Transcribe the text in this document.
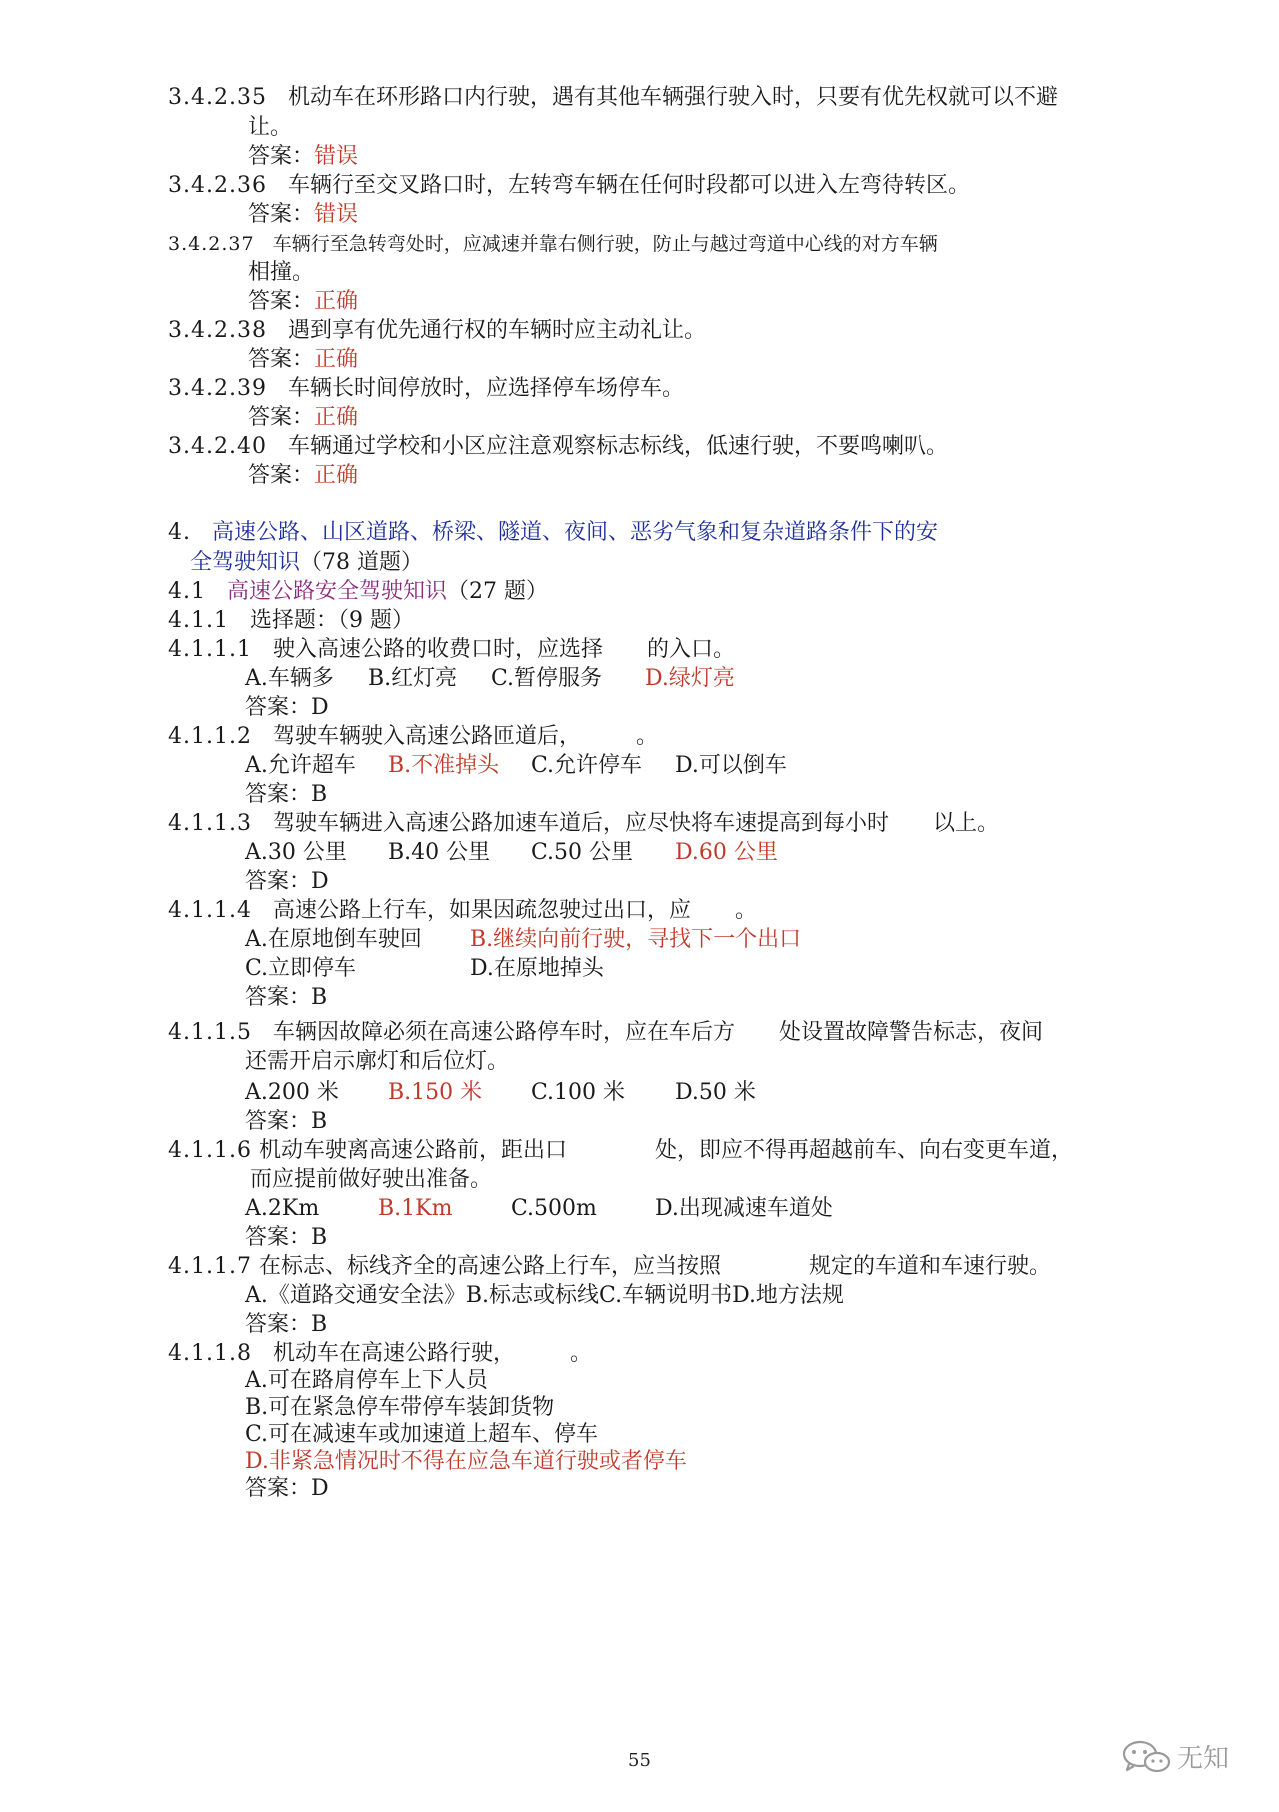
3.4.2.35 机动车在环形路口内行驶，遇有其他车辆强行驶入时，只要有优先权就可以不避
让。
答案：错误
3.4.2.36 车辆行至交叉路口时，左转弯车辆在任何时段都可以进入左弯待转区。
答案：错误
3.4.2.37 车辆行至急转弯处时，应减速并靠右侧行驶，防止与越过弯道中心线的对方车辆
相撞。
答案：正确
3.4.2.38 遇到享有优先通行权的车辆时应主动礼让。
答案：正确
3.4.2.39 车辆长时间停放时，应选择停车场停车。
答案：正确
3.4.2.40 车辆通过学校和小区应注意观察标志标线，低速行驶，不要鸣喇叭。
答案：正确
4. 高速公路、山区道路、桥梁、隧道、夜间、恶劣气象和复杂道路条件下的安
全驾驶知识（78 道题）
4.1 高速公路安全驾驶知识（27 题）
4.1.1 选择题：（9 题）
4.1.1.1 驶入高速公路的收费口时，应选择　　的入口。
A.车辆多 B.红灯亮 C.暂停服务 D.绿灯亮
答案：D
4.1.1.2 驾驶车辆驶入高速公路匝道后，　　　。
A.允许超车 B.不准掉头 C.允许停车 D.可以倒车
答案：B
4.1.1.3 驾驶车辆进入高速公路加速车道后，应尽快将车速提高到每小时　　以上。
A.30 公里 B.40 公里 C.50 公里 D.60 公里
答案：D
4.1.1.4 高速公路上行车，如果因疏忽驶过出口，应　　。
A.在原地倒车驶回 B.继续向前行驶，寻找下一个出口
C.立即停车	D.在原地掉头
答案：B
4.1.1.5 车辆因故障必须在高速公路停车时，应在车后方　　处设置故障警告标志，夜间
还需开启示廓灯和后位灯。
A.200 米 B.150 米 C.100 米 D.50 米
答案：B
4.1.1.6 机动车驶离高速公路前，距出口　　　　处，即应不得再超越前车、向右变更车道，
而应提前做好驶出准备。
A.2Km	B.1Km	C.500m	D.出现减速车道处
答案：B
4.1.1.7 在标志、标线齐全的高速公路上行车，应当按照　　　　规定的车道和车速行驶。
A.《道路交通安全法》B.标志或标线C.车辆说明书D.地方法规
答案：B
4.1.1.8 机动车在高速公路行驶，　　　。
A.可在路肩停车上下人员
B.可在紧急停车带停车装卸货物
C.可在减速车或加速道上超车、停车
D.非紧急情况时不得在应急车道行驶或者停车
答案：D
55	无知
